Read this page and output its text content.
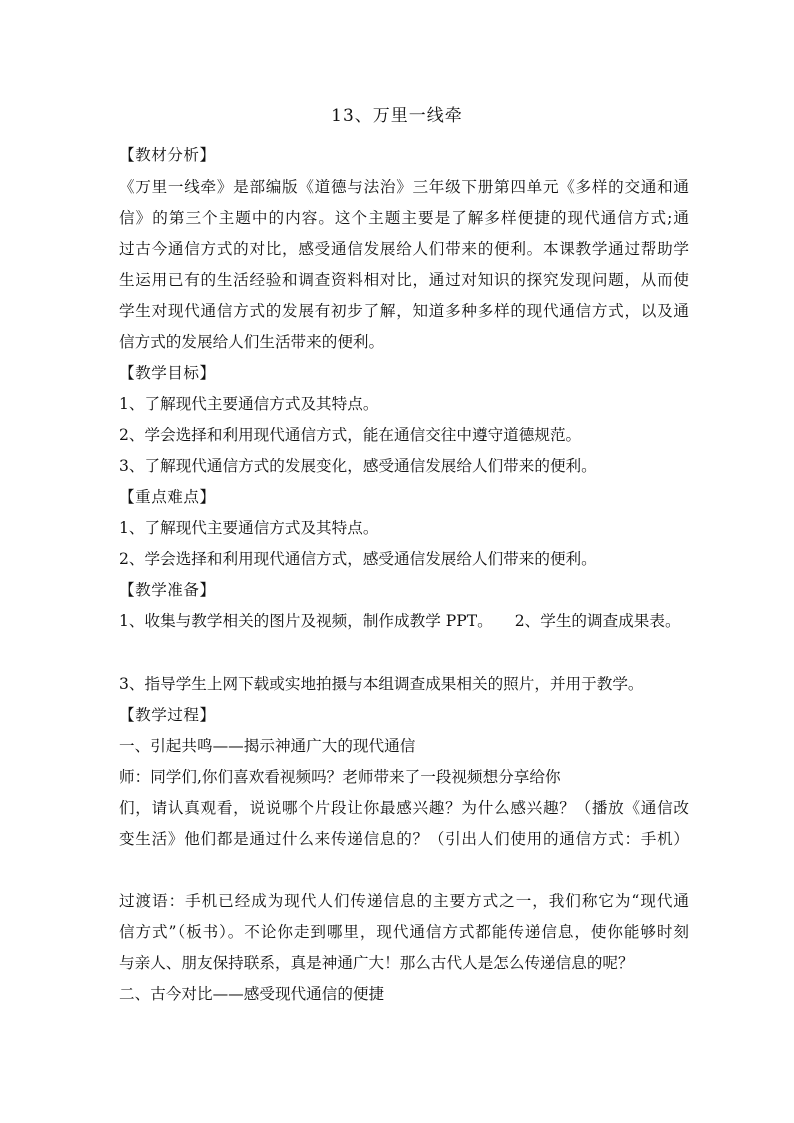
13、万里一线牵
【教材分析】
《万里一线牵》是部编版《道德与法治》三年级下册第四单元《多样的交通和通
信》的第三个主题中的内容。这个主题主要是了解多样便捷的现代通信方式;通
过古今通信方式的对比，感受通信发展给人们带来的便利。本课教学通过帮助学
生运用已有的生活经验和调查资料相对比，通过对知识的探究发现问题，从而使
学生对现代通信方式的发展有初步了解，知道多种多样的现代通信方式，以及通
信方式的发展给人们生活带来的便利。
【教学目标】
1、了解现代主要通信方式及其特点。
2、学会选择和利用现代通信方式，能在通信交往中遵守道德规范。
3、了解现代通信方式的发展变化，感受通信发展给人们带来的便利。
【重点难点】
1、了解现代主要通信方式及其特点。
2、学会选择和利用现代通信方式，感受通信发展给人们带来的便利。
【教学准备】
1、收集与教学相关的图片及视频，制作成教学 PPT。 2、学生的调查成果表。
3、指导学生上网下载或实地拍摄与本组调查成果相关的照片，并用于教学。
【教学过程】
一、引起共鸣——揭示神通广大的现代通信
师：同学们,你们喜欢看视频吗？老师带来了一段视频想分享给你
们，请认真观看，说说哪个片段让你最感兴趣？为什么感兴趣？（播放《通信改
变生活》他们都是通过什么来传递信息的？（引出人们使用的通信方式：手机）
过渡语：手机已经成为现代人们传递信息的主要方式之一，我们称它为“现代通
信方式”（板书）。不论你走到哪里，现代通信方式都能传递信息，使你能够时刻
与亲人、朋友保持联系，真是神通广大！那么古代人是怎么传递信息的呢？
二、古今对比——感受现代通信的便捷
